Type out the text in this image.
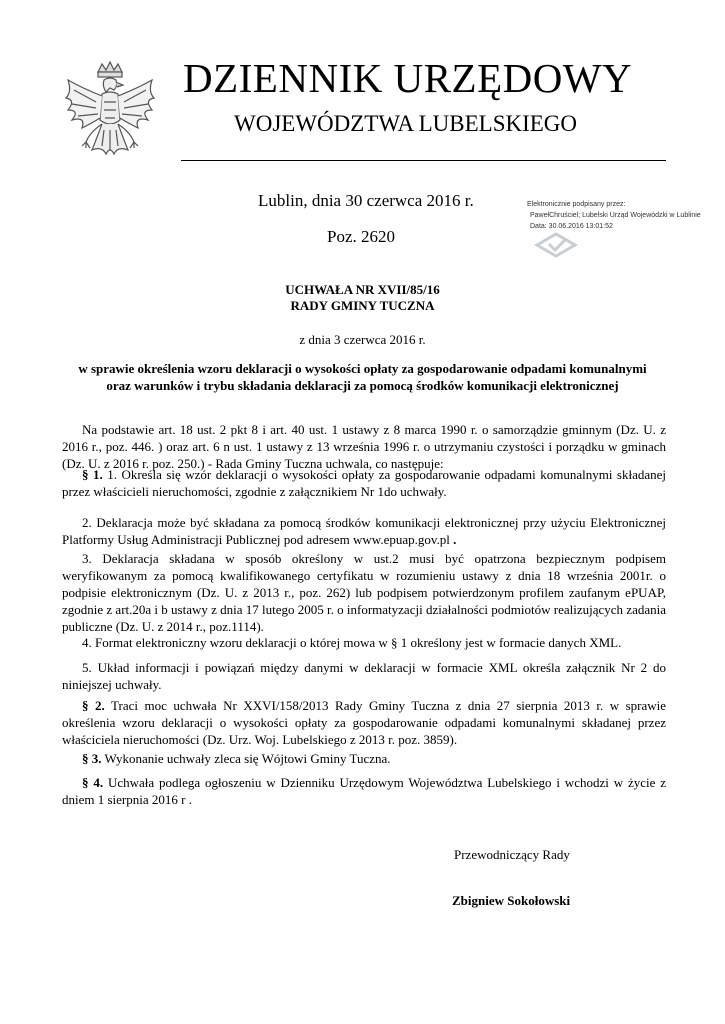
DZIENNIK URZĘDOWY
WOJEWÓDZTWA LUBELSKIEGO
Lublin, dnia 30 czerwca 2016 r.
Poz. 2620
Elektronicznie podpisany przez:
PawełChruściel; Lubelski Urząd Wojewódzki w Lublinie
Data: 30.06.2016 13:01:52
UCHWAŁA NR XVII/85/16
RADY GMINY TUCZNA
z dnia 3 czerwca 2016 r.
w sprawie określenia wzoru deklaracji o wysokości opłaty za gospodarowanie odpadami komunalnymi
oraz warunków i trybu składania deklaracji za pomocą środków komunikacji elektronicznej
Na podstawie art. 18 ust. 2 pkt 8 i art. 40 ust. 1 ustawy z 8 marca 1990 r. o samorządzie gminnym (Dz. U. z 2016 r., poz. 446. ) oraz art. 6 n ust. 1 ustawy z 13 września 1996 r. o utrzymaniu czystości i porządku w gminach (Dz. U. z 2016 r. poz. 250.) - Rada Gminy Tuczna uchwala, co następuje:
§ 1. 1. Określa się wzór deklaracji o wysokości opłaty za gospodarowanie odpadami komunalnymi składanej przez właścicieli nieruchomości, zgodnie z załącznikiem Nr 1do uchwały.
2. Deklaracja może być składana za pomocą środków komunikacji elektronicznej przy użyciu Elektronicznej Platformy Usług Administracji Publicznej pod adresem www.epuap.gov.pl .
3. Deklaracja składana w sposób określony w ust.2 musi być opatrzona bezpiecznym podpisem weryfikowanym za pomocą kwalifikowanego certyfikatu w rozumieniu ustawy z dnia 18 września 2001r. o podpisie elektronicznym (Dz. U. z 2013 r., poz. 262) lub podpisem potwierdzonym profilem zaufanym ePUAP, zgodnie z art.20a i b ustawy z dnia 17 lutego 2005 r. o informatyzacji działalności podmiotów realizujących zadania publiczne (Dz. U. z 2014 r., poz.1114).
4. Format elektroniczny wzoru deklaracji o której mowa w § 1 określony jest w formacie danych XML.
5. Układ informacji i powiązań między danymi w deklaracji w formacie XML określa załącznik Nr 2 do niniejszej uchwały.
§ 2. Traci moc uchwała Nr XXVI/158/2013 Rady Gminy Tuczna z dnia 27 sierpnia 2013 r. w sprawie określenia wzoru deklaracji o wysokości opłaty za gospodarowanie odpadami komunalnymi składanej przez właściciela nieruchomości (Dz. Urz. Woj. Lubelskiego z 2013 r. poz. 3859).
§ 3. Wykonanie uchwały zleca się Wójtowi Gminy Tuczna.
§ 4. Uchwała podlega ogłoszeniu w Dzienniku Urzędowym Województwa Lubelskiego i wchodzi w życie z dniem 1 sierpnia 2016 r .
Przewodniczący Rady
Zbigniew Sokołowski
